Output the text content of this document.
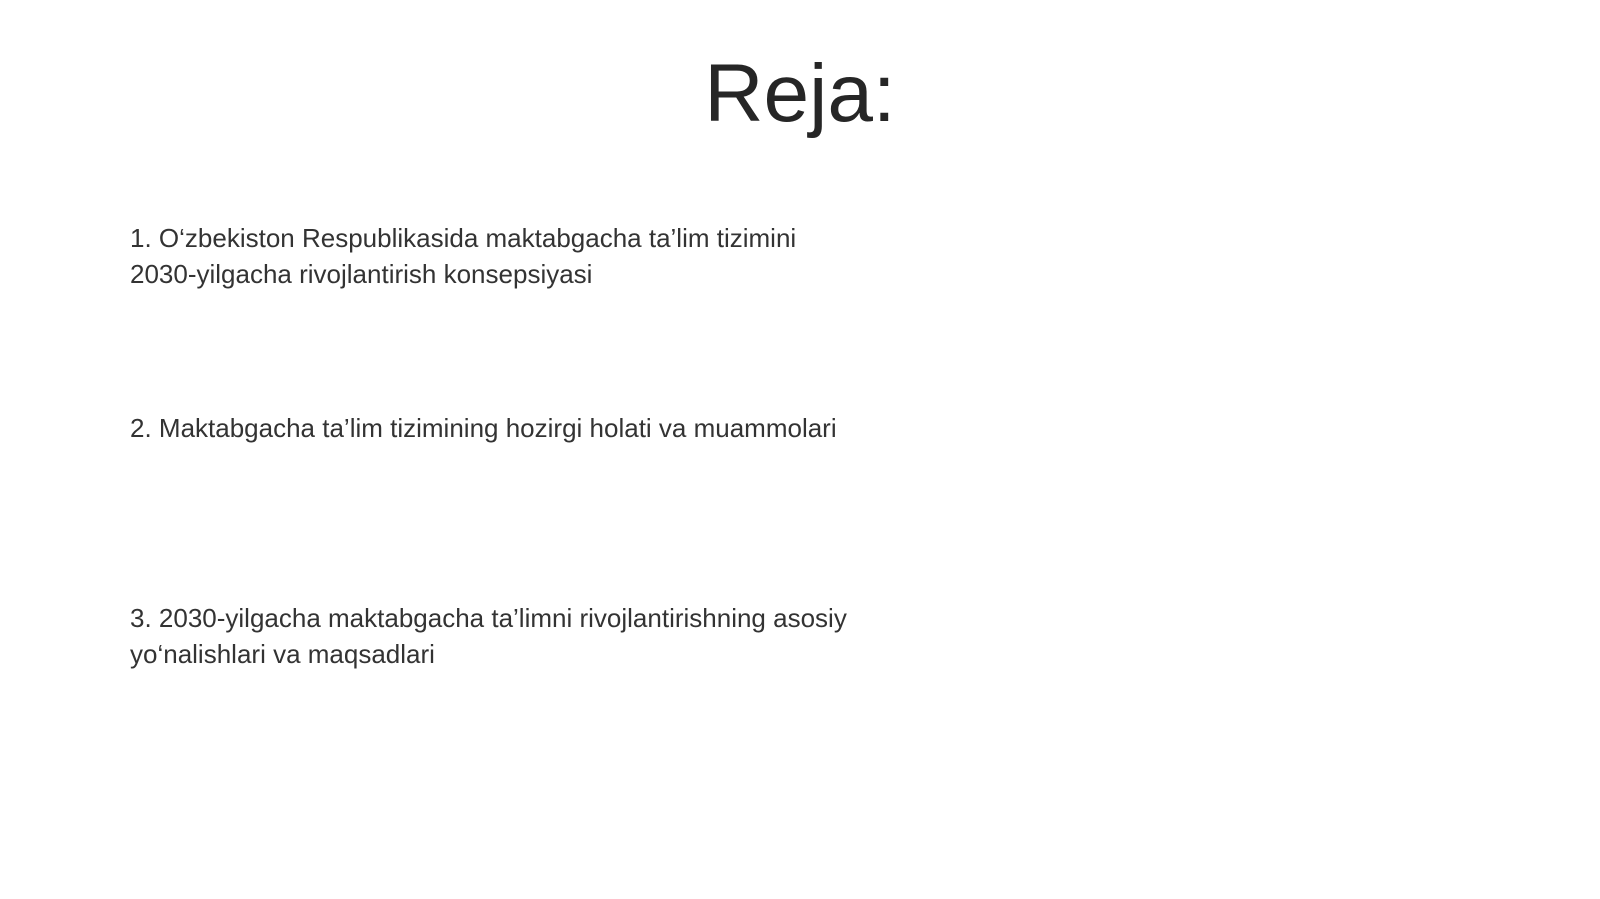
Reja:
1. O‘zbekiston Respublikasida maktabgacha ta’lim tizimini 2030-yilgacha rivojlantirish konsepsiyasi
2. Maktabgacha ta’lim tizimining hozirgi holati va muammolari
3. 2030-yilgacha maktabgacha ta’limni rivojlantirishning asosiy yo‘nalishlari va maqsadlari
